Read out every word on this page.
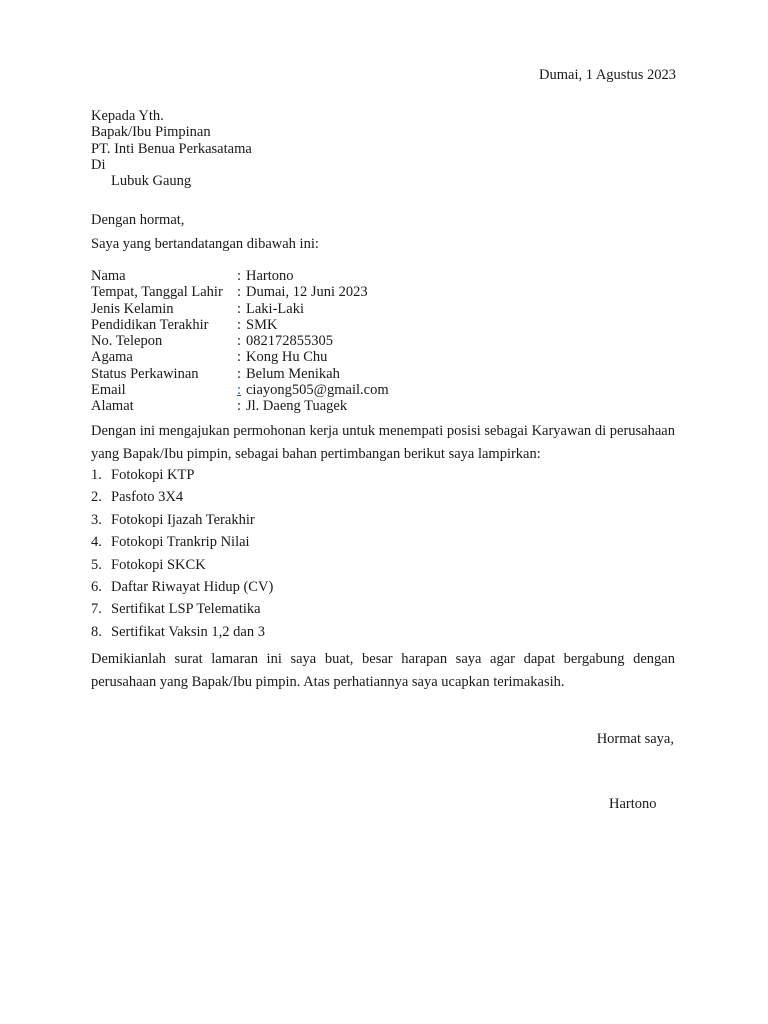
Dumai, 1 Agustus 2023
Kepada Yth.
Bapak/Ibu Pimpinan
PT. Inti Benua Perkasatama
Di
Lubuk Gaung
Dengan hormat,
Saya yang bertandatangan dibawah ini:
Nama	: Hartono
Tempat, Tanggal Lahir : Dumai, 12 Juni 2023
Jenis Kelamin	: Laki-Laki
Pendidikan Terakhir	: SMK
No. Telepon	: 082172855305
Agama	: Kong Hu Chu
Status Perkawinan	: Belum Menikah
Email	: ciayong505@gmail.com
Alamat	: Jl. Daeng Tuagek
Dengan ini mengajukan permohonan kerja untuk menempati posisi sebagai Karyawan di perusahaan yang Bapak/Ibu pimpin, sebagai bahan pertimbangan berikut saya lampirkan:
1. Fotokopi KTP
2. Pasfoto 3X4
3. Fotokopi Ijazah Terakhir
4. Fotokopi Trankrip Nilai
5. Fotokopi SKCK
6. Daftar Riwayat Hidup (CV)
7. Sertifikat LSP Telematika
8. Sertifikat Vaksin 1,2 dan 3
Demikianlah surat lamaran ini saya buat, besar harapan saya agar dapat bergabung dengan perusahaan yang Bapak/Ibu pimpin. Atas perhatiannya saya ucapkan terimakasih.
Hormat saya,
Hartono
